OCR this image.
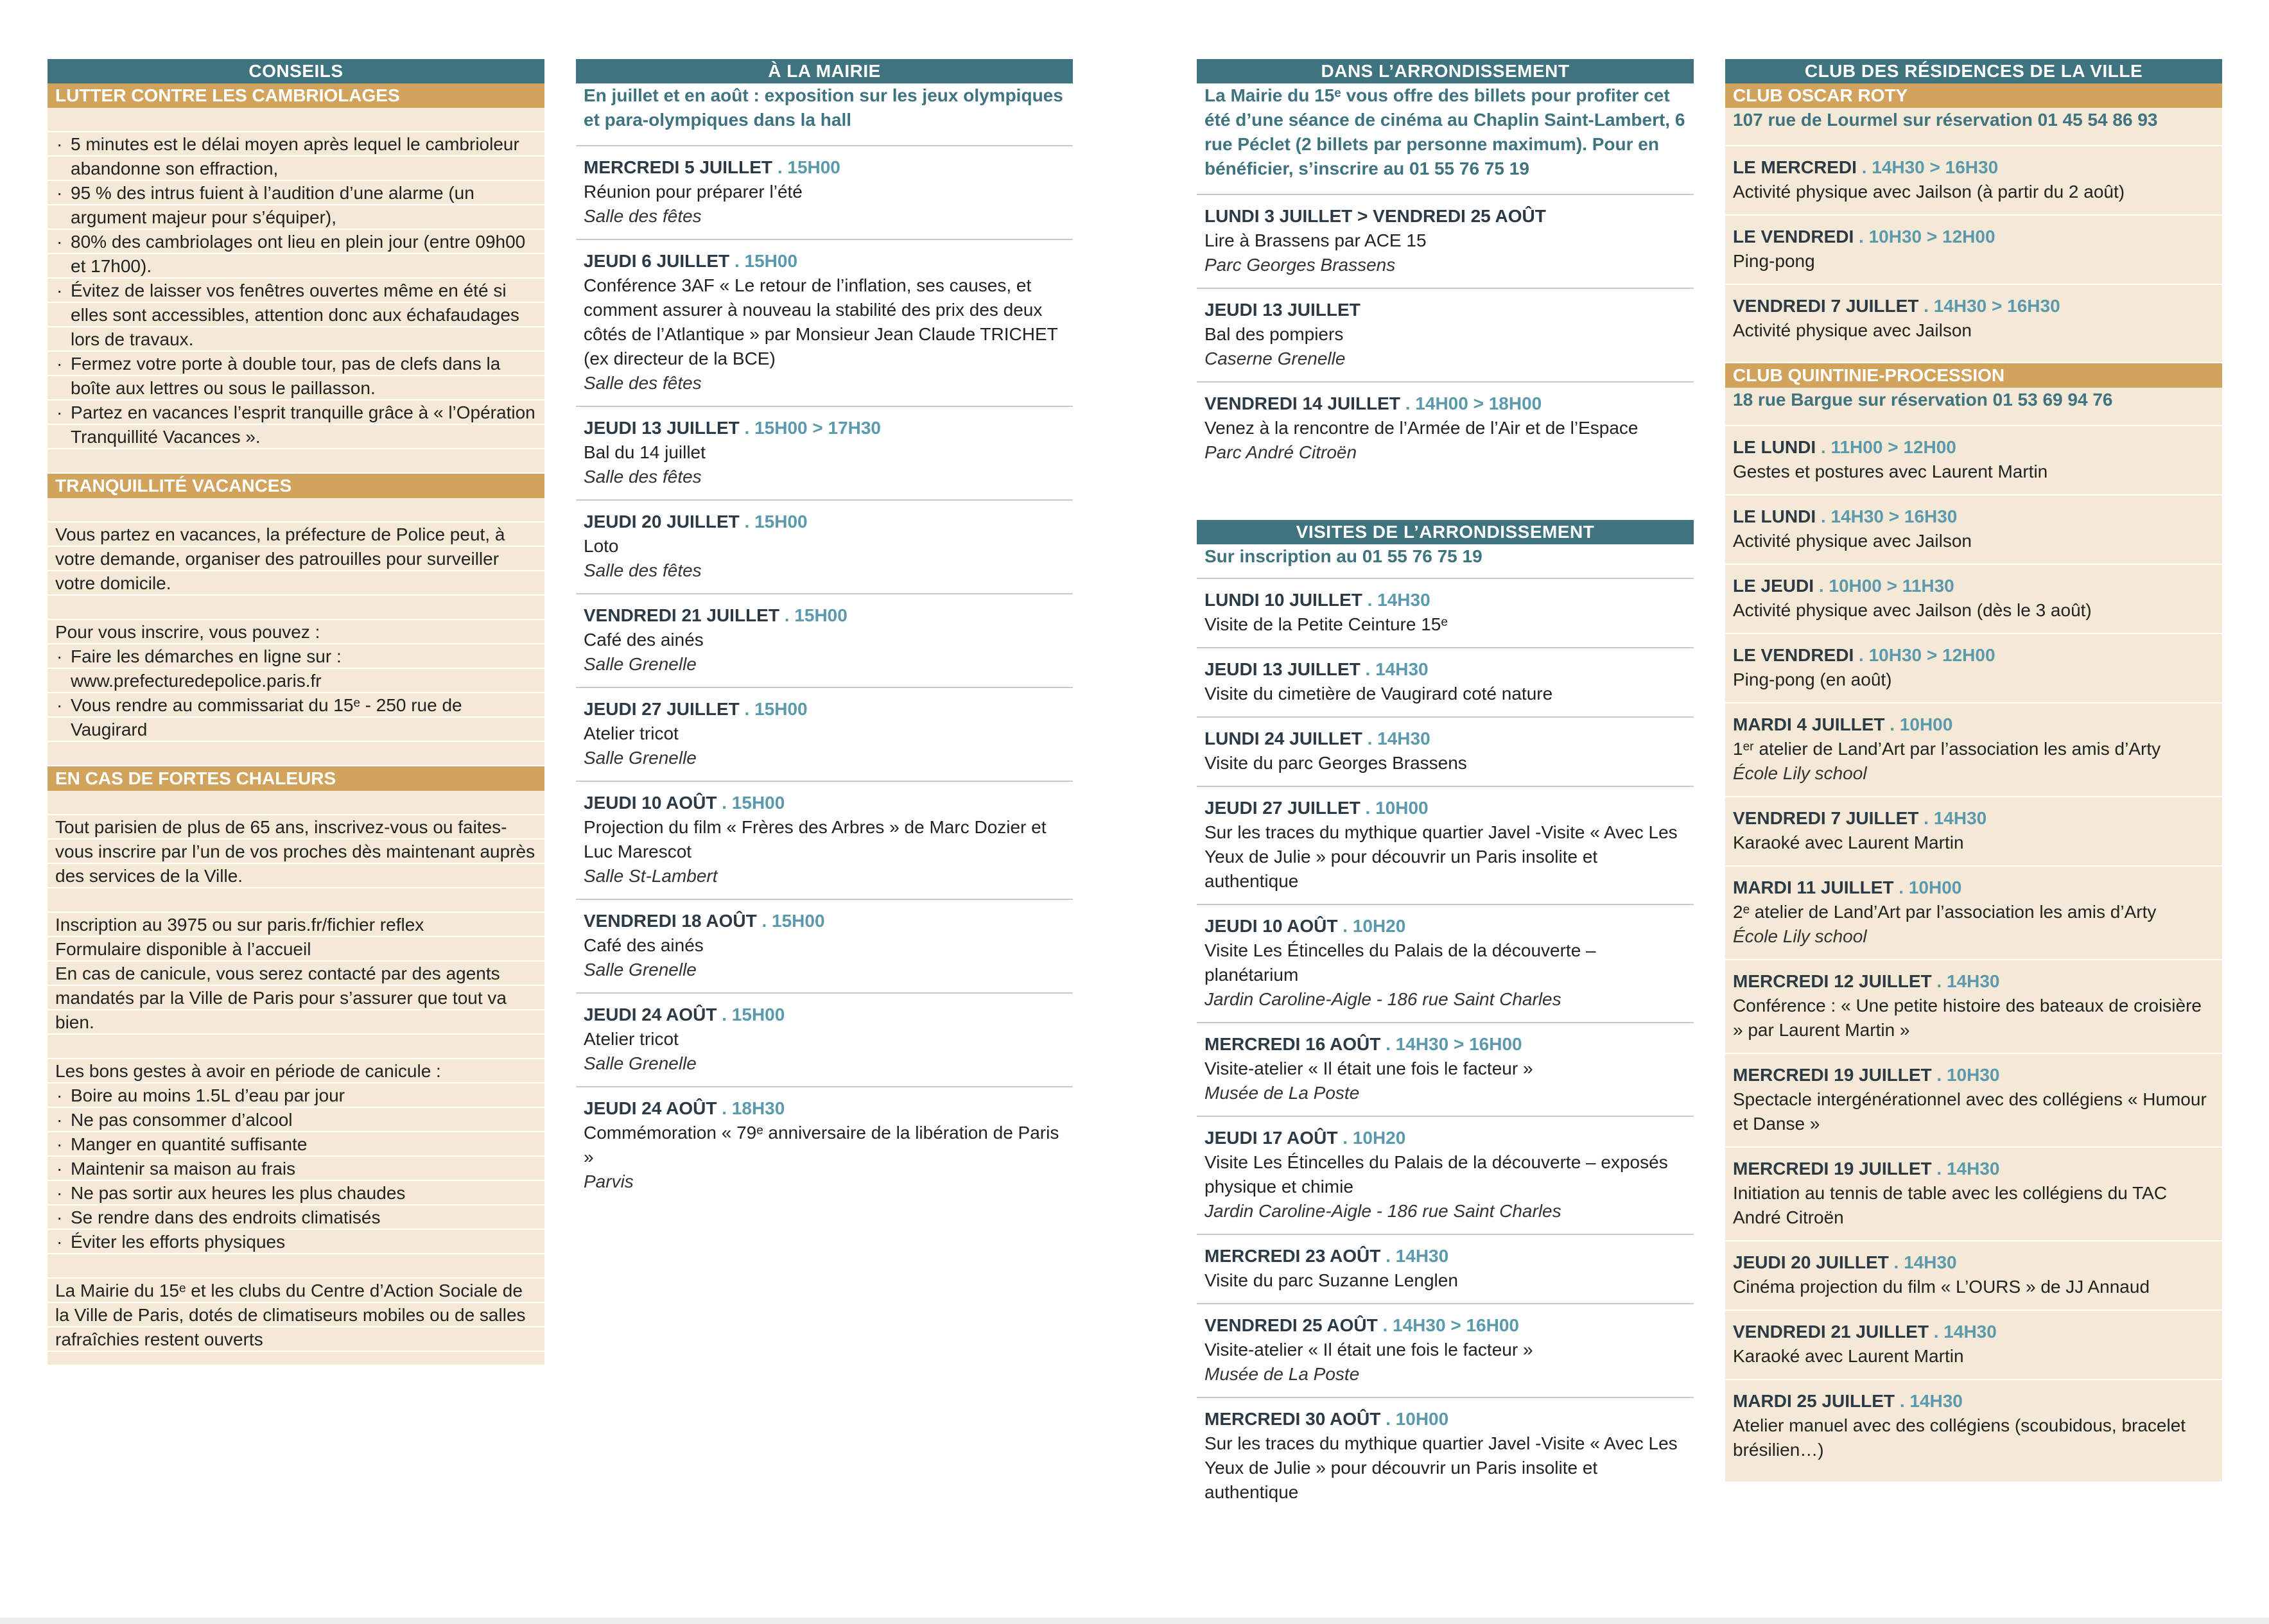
CONSEILS
LUTTER CONTRE LES CAMBRIOLAGES
· 5 minutes est le délai moyen après lequel le cambrioleur abandonne son effraction,
· 95 % des intrus fuient à l’audition d’une alarme (un argument majeur pour s’équiper),
· 80% des cambriolages ont lieu en plein jour (entre 09h00 et 17h00).
· Évitez de laisser vos fenêtres ouvertes même en été si elles sont accessibles, attention donc aux échafaudages lors de travaux.
· Fermez votre porte à double tour, pas de clefs dans la boîte aux lettres ou sous le paillasson.
· Partez en vacances l’esprit tranquille grâce à « l’Opération Tranquillité Vacances ».
TRANQUILLITÉ VACANCES
Vous partez en vacances, la préfecture de Police peut, à votre demande, organiser des patrouilles pour surveiller votre domicile.
Pour vous inscrire, vous pouvez :
· Faire les démarches en ligne sur : www.prefecturedepolice.paris.fr
· Vous rendre au commissariat du 15ᵉ - 250 rue de Vaugirard
EN CAS DE FORTES CHALEURS
Tout parisien de plus de 65 ans, inscrivez-vous ou faites-vous inscrire par l’un de vos proches dès maintenant auprès des services de la Ville.
Inscription au 3975 ou sur paris.fr/fichier reflex
Formulaire disponible à l’accueil
En cas de canicule, vous serez contacté par des agents mandatés par la Ville de Paris pour s’assurer que tout va bien.
Les bons gestes à avoir en période de canicule :
· Boire au moins 1.5L d’eau par jour
· Ne pas consommer d’alcool
· Manger en quantité suffisante
· Maintenir sa maison au frais
· Ne pas sortir aux heures les plus chaudes
· Se rendre dans des endroits climatisés
· Éviter les efforts physiques
La Mairie du 15ᵉ et les clubs du Centre d’Action Sociale de la Ville de Paris, dotés de climatiseurs mobiles ou de salles rafraîchies restent ouverts
À LA MAIRIE
En juillet et en août : exposition sur les jeux olympiques et para-olympiques dans la hall
MERCREDI 5 JUILLET . 15H00
Réunion pour préparer l’été
Salle des fêtes
JEUDI 6 JUILLET . 15H00
Conférence 3AF « Le retour de l’inflation, ses causes, et comment assurer à nouveau la stabilité des prix des deux côtés de l’Atlantique » par Monsieur Jean Claude TRICHET (ex directeur de la BCE)
Salle des fêtes
JEUDI 13 JUILLET . 15H00 > 17H30
Bal du 14 juillet
Salle des fêtes
JEUDI 20 JUILLET . 15H00
Loto
Salle des fêtes
VENDREDI 21 JUILLET . 15H00
Café des ainés
Salle Grenelle
JEUDI 27 JUILLET . 15H00
Atelier tricot
Salle Grenelle
JEUDI 10 AOÛT . 15H00
Projection du film « Frères des Arbres » de Marc Dozier et Luc Marescot
Salle St-Lambert
VENDREDI 18 AOÛT . 15H00
Café des ainés
Salle Grenelle
JEUDI 24 AOÛT . 15H00
Atelier tricot
Salle Grenelle
JEUDI 24 AOÛT . 18H30
Commémoration « 79ᵉ anniversaire de la libération de Paris »
Parvis
DANS L’ARRONDISSEMENT
La Mairie du 15ᵉ vous offre des billets pour profiter cet été d’une séance de cinéma au Chaplin Saint-Lambert, 6 rue Péclet (2 billets par personne maximum). Pour en bénéficier, s’inscrire au 01 55 76 75 19
LUNDI 3 JUILLET > VENDREDI 25 AOÛT
Lire à Brassens par ACE 15
Parc Georges Brassens
JEUDI 13 JUILLET
Bal des pompiers
Caserne Grenelle
VENDREDI 14 JUILLET . 14H00 > 18H00
Venez à la rencontre de l’Armée de l’Air et de l’Espace
Parc André Citroën
VISITES DE L’ARRONDISSEMENT
Sur inscription au 01 55 76 75 19
LUNDI 10 JUILLET . 14H30
Visite de la Petite Ceinture 15ᵉ
JEUDI 13 JUILLET . 14H30
Visite du cimetière de Vaugirard coté nature
LUNDI 24 JUILLET . 14H30
Visite du parc Georges Brassens
JEUDI 27 JUILLET . 10H00
Sur les traces du mythique quartier Javel -Visite « Avec Les Yeux de Julie » pour découvrir un Paris insolite et authentique
JEUDI 10 AOÛT . 10H20
Visite Les Étincelles du Palais de la découverte – planétarium
Jardin Caroline-Aigle - 186 rue Saint Charles
MERCREDI 16 AOÛT . 14H30 > 16H00
Visite-atelier « Il était une fois le facteur »
Musée de La Poste
JEUDI 17 AOÛT . 10H20
Visite Les Étincelles du Palais de la découverte – exposés physique et chimie
Jardin Caroline-Aigle - 186 rue Saint Charles
MERCREDI 23 AOÛT . 14H30
Visite du parc Suzanne Lenglen
VENDREDI 25 AOÛT . 14H30 > 16H00
Visite-atelier « Il était une fois le facteur »
Musée de La Poste
MERCREDI 30 AOÛT . 10H00
Sur les traces du mythique quartier Javel -Visite « Avec Les Yeux de Julie » pour découvrir un Paris insolite et authentique
CLUB DES RÉSIDENCES DE LA VILLE
CLUB OSCAR ROTY
107 rue de Lourmel sur réservation 01 45 54 86 93
LE MERCREDI . 14H30 > 16H30
Activité physique avec Jailson (à partir du 2 août)
LE VENDREDI . 10H30 > 12H00
Ping-pong
VENDREDI 7 JUILLET . 14H30 > 16H30
Activité physique avec Jailson
CLUB QUINTINIE-PROCESSION
18 rue Bargue sur réservation 01 53 69 94 76
LE LUNDI . 11H00 > 12H00
Gestes et postures avec Laurent Martin
LE LUNDI . 14H30 > 16H30
Activité physique avec Jailson
LE JEUDI . 10H00 > 11H30
Activité physique avec Jailson (dès le 3 août)
LE VENDREDI . 10H30 > 12H00
Ping-pong (en août)
MARDI 4 JUILLET . 10H00
1ᵉʳ atelier de Land’Art par l’association les amis d’Arty
École Lily school
VENDREDI 7 JUILLET . 14H30
Karaoké avec Laurent Martin
MARDI 11 JUILLET . 10H00
2ᵉ atelier de Land’Art par l’association les amis d’Arty
École Lily school
MERCREDI 12 JUILLET . 14H30
Conférence : « Une petite histoire des bateaux de croisière » par Laurent Martin »
MERCREDI 19 JUILLET . 10H30
Spectacle intergénérationnel avec des collégiens « Humour et Danse »
MERCREDI 19 JUILLET . 14H30
Initiation au tennis de table avec les collégiens du TAC André Citroën
JEUDI 20 JUILLET . 14H30
Cinéma projection du film « L’OURS » de JJ Annaud
VENDREDI 21 JUILLET . 14H30
Karaoké avec Laurent Martin
MARDI 25 JUILLET . 14H30
Atelier manuel avec des collégiens (scoubidous, bracelet brésilien…)
